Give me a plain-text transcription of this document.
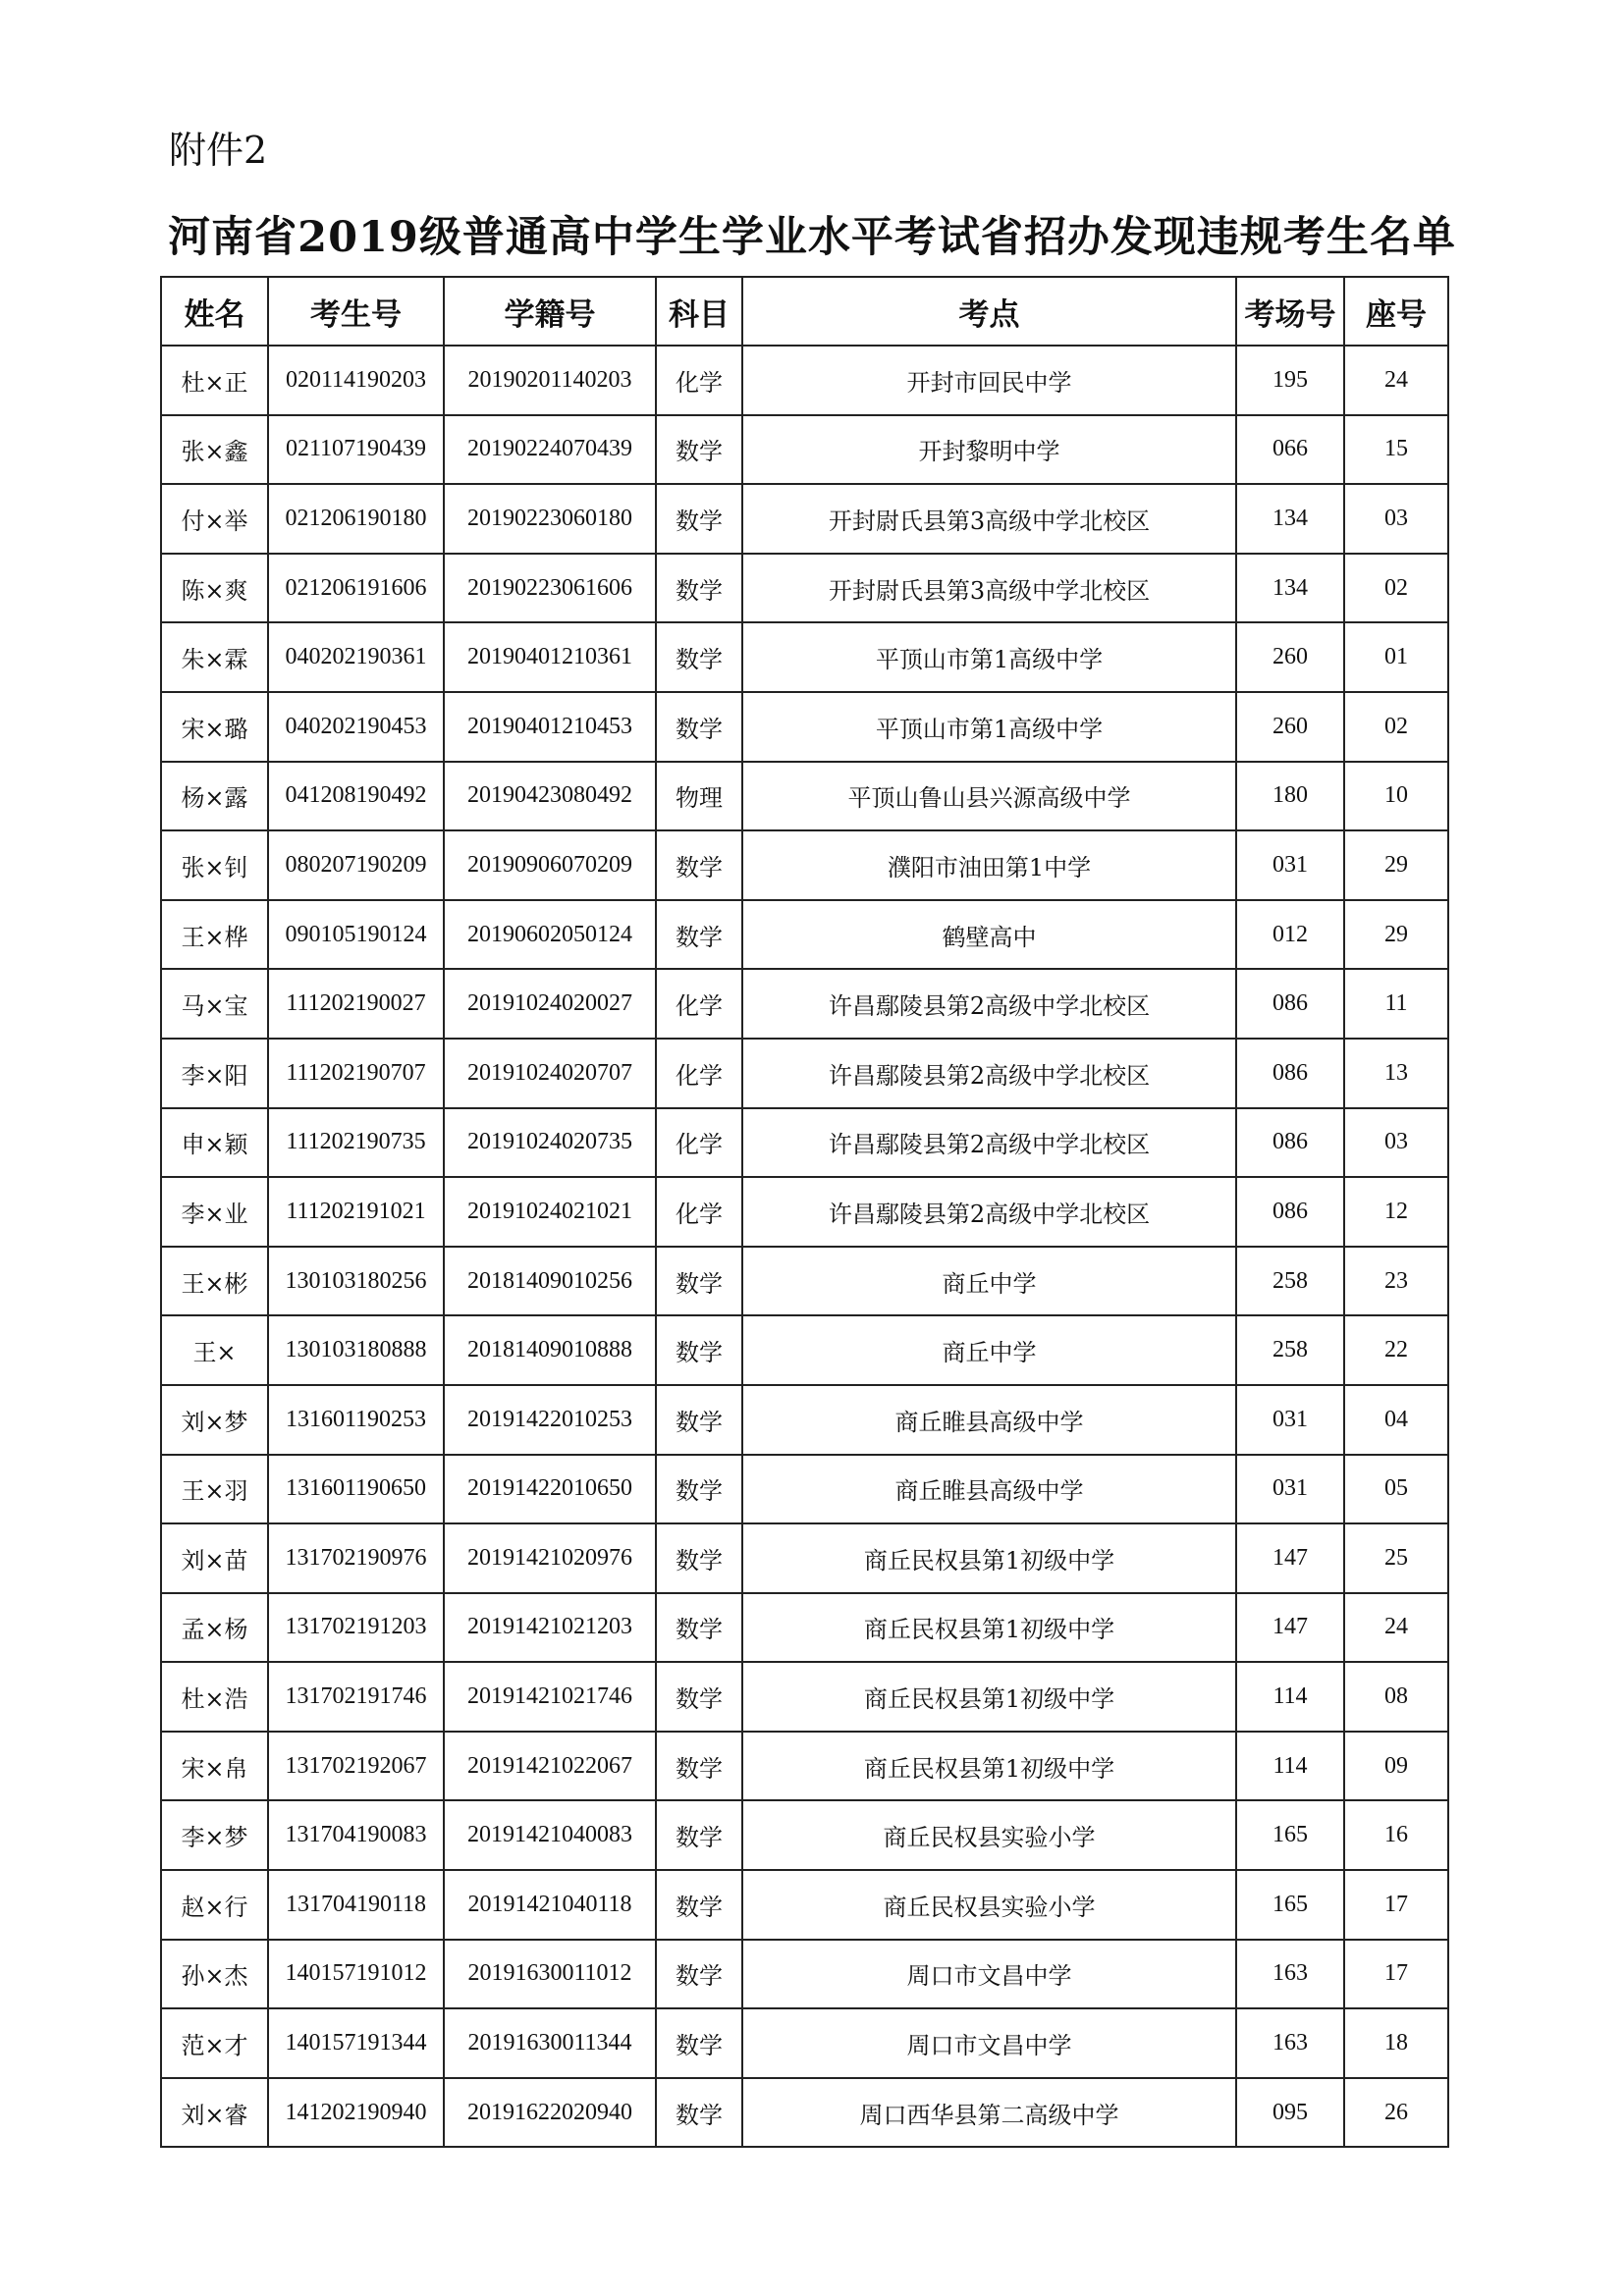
附件2
河南省2019级普通高中学生学业水平考试省招办发现违规考生名单
姓名	考生号	学籍号	科目	考点	考场号	座号
杜×正	020114190203	20190201140203	化学	开封市回民中学	195	24
张×鑫	021107190439	20190224070439	数学	开封黎明中学	066	15
付×举	021206190180	20190223060180	数学	开封尉氏县第3高级中学北校区	134	03
陈×爽	021206191606	20190223061606	数学	开封尉氏县第3高级中学北校区	134	02
朱×霖	040202190361	20190401210361	数学	平顶山市第1高级中学	260	01
宋×璐	040202190453	20190401210453	数学	平顶山市第1高级中学	260	02
杨×露	041208190492	20190423080492	物理	平顶山鲁山县兴源高级中学	180	10
张×钊	080207190209	20190906070209	数学	濮阳市油田第1中学	031	29
王×桦	090105190124	20190602050124	数学	鹤壁高中	012	29
马×宝	111202190027	20191024020027	化学	许昌鄢陵县第2高级中学北校区	086	11
李×阳	111202190707	20191024020707	化学	许昌鄢陵县第2高级中学北校区	086	13
申×颖	111202190735	20191024020735	化学	许昌鄢陵县第2高级中学北校区	086	03
李×业	111202191021	20191024021021	化学	许昌鄢陵县第2高级中学北校区	086	12
王×彬	130103180256	20181409010256	数学	商丘中学	258	23
王×	130103180888	20181409010888	数学	商丘中学	258	22
刘×梦	131601190253	20191422010253	数学	商丘睢县高级中学	031	04
王×羽	131601190650	20191422010650	数学	商丘睢县高级中学	031	05
刘×苗	131702190976	20191421020976	数学	商丘民权县第1初级中学	147	25
孟×杨	131702191203	20191421021203	数学	商丘民权县第1初级中学	147	24
杜×浩	131702191746	20191421021746	数学	商丘民权县第1初级中学	114	08
宋×帛	131702192067	20191421022067	数学	商丘民权县第1初级中学	114	09
李×梦	131704190083	20191421040083	数学	商丘民权县实验小学	165	16
赵×行	131704190118	20191421040118	数学	商丘民权县实验小学	165	17
孙×杰	140157191012	20191630011012	数学	周口市文昌中学	163	17
范×才	140157191344	20191630011344	数学	周口市文昌中学	163	18
刘×睿	141202190940	20191622020940	数学	周口西华县第二高级中学	095	26
